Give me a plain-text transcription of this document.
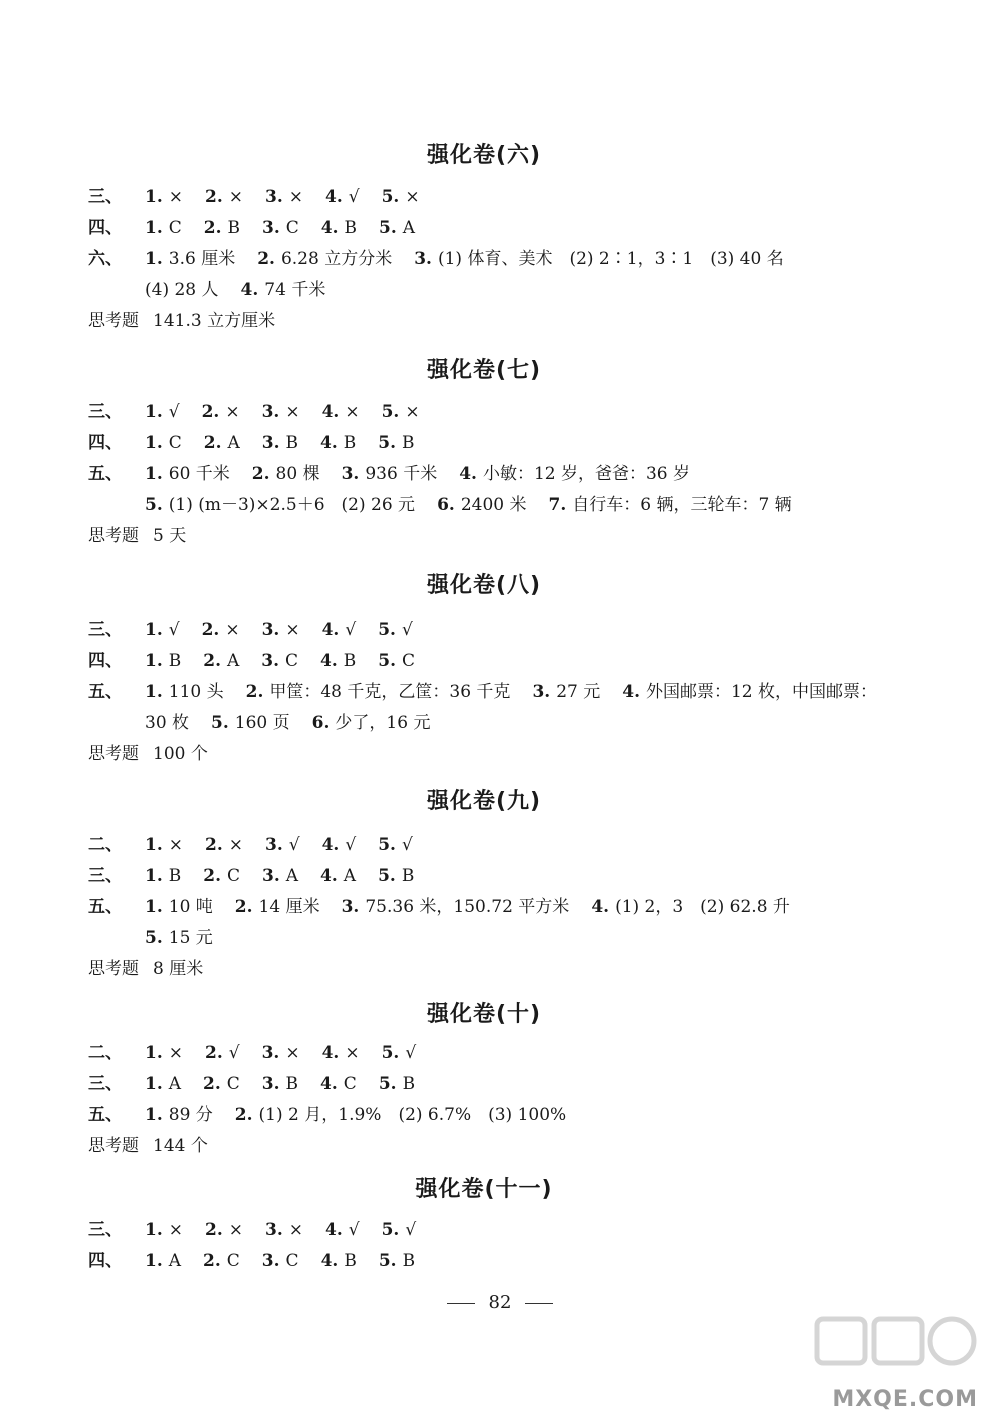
强化卷(六)
三、 1. × 2. × 3. × 4. √ 5. ×
四、 1. C 2. B 3. C 4. B 5. A
六、 1. 3.6 厘米 2. 6.28 立方分米 3. (1) 体育、美术　(2) 2∶1，3∶1　(3) 40 名
(4) 28 人 4. 74 千米
思考题 141.3 立方厘米
强化卷(七)
三、 1. √ 2. × 3. × 4. × 5. ×
四、 1. C 2. A 3. B 4. B 5. B
五、 1. 60 千米 2. 80 棵 3. 936 千米 4. 小敏：12 岁，爸爸：36 岁
5. (1) (m－3)×2.5＋6　(2) 26 元 6. 2400 米 7. 自行车：6 辆，三轮车：7 辆
思考题 5 天
强化卷(八)
三、 1. √ 2. × 3. × 4. √ 5. √
四、 1. B 2. A 3. C 4. B 5. C
五、 1. 110 头 2. 甲筐：48 千克，乙筐：36 千克 3. 27 元 4. 外国邮票：12 枚，中国邮票：
30 枚 5. 160 页 6. 少了，16 元
思考题 100 个
强化卷(九)
二、 1. × 2. × 3. √ 4. √ 5. √
三、 1. B 2. C 3. A 4. A 5. B
五、 1. 10 吨 2. 14 厘米 3. 75.36 米，150.72 平方米 4. (1) 2，3　(2) 62.8 升
5. 15 元
思考题 8 厘米
强化卷(十)
二、 1. × 2. √ 3. × 4. × 5. √
三、 1. A 2. C 3. B 4. C 5. B
五、 1. 89 分 2. (1) 2 月，1.9%　(2) 6.7%　(3) 100%
思考题 144 个
强化卷(十一)
三、 1. × 2. × 3. × 4. √ 5. √
四、 1. A 2. C 3. C 4. B 5. B
82
MXQE.COM
